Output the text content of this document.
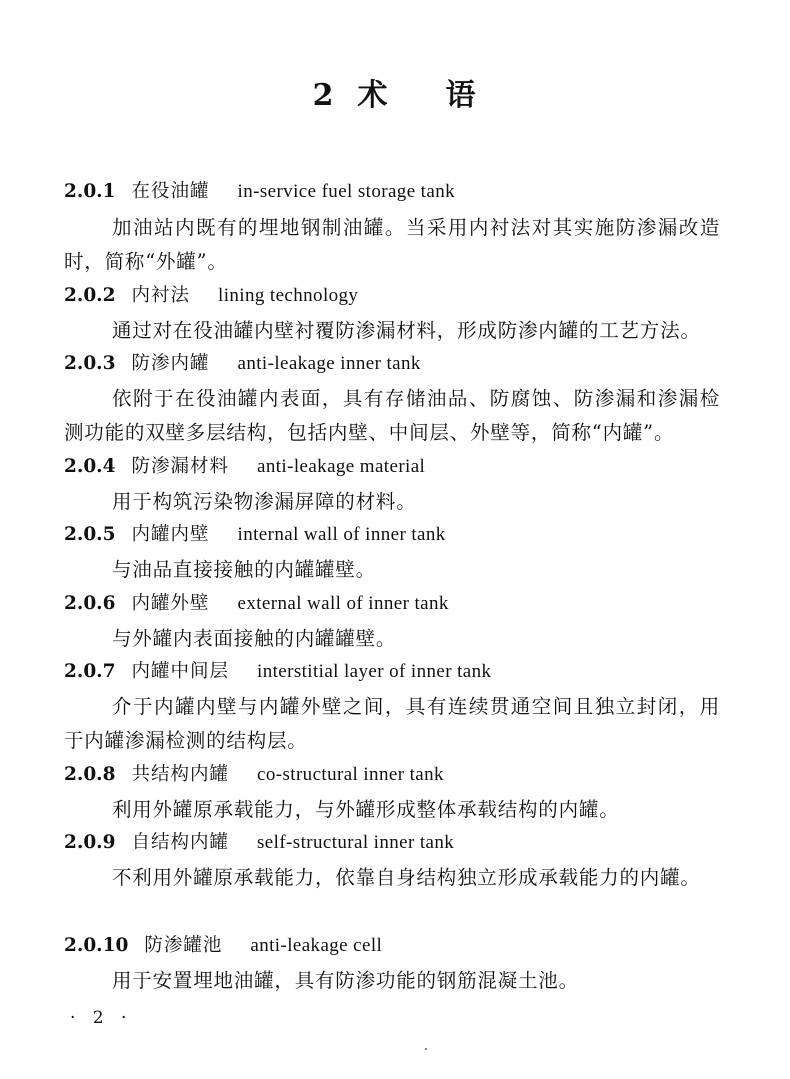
2 术 语
2.0.1 在役油罐 in-service fuel storage tank
加油站内既有的埋地钢制油罐。当采用内衬法对其实施防渗漏改造时，简称“外罐”。
2.0.2 内衬法 lining technology
通过对在役油罐内壁衬覆防渗漏材料，形成防渗内罐的工艺方法。
2.0.3 防渗内罐 anti-leakage inner tank
依附于在役油罐内表面，具有存储油品、防腐蚀、防渗漏和渗漏检测功能的双壁多层结构，包括内壁、中间层、外壁等，简称“内罐”。
2.0.4 防渗漏材料 anti-leakage material
用于构筑污染物渗漏屏障的材料。
2.0.5 内罐内壁 internal wall of inner tank
与油品直接接触的内罐罐壁。
2.0.6 内罐外壁 external wall of inner tank
与外罐内表面接触的内罐罐壁。
2.0.7 内罐中间层 interstitial layer of inner tank
介于内罐内壁与内罐外壁之间，具有连续贯通空间且独立封闭，用于内罐渗漏检测的结构层。
2.0.8 共结构内罐 co-structural inner tank
利用外罐原承载能力，与外罐形成整体承载结构的内罐。
2.0.9 自结构内罐 self-structural inner tank
不利用外罐原承载能力，依靠自身结构独立形成承载能力的内罐。
2.0.10 防渗罐池 anti-leakage cell
用于安置埋地油罐，具有防渗功能的钢筋混凝土池。
· 2 ·
